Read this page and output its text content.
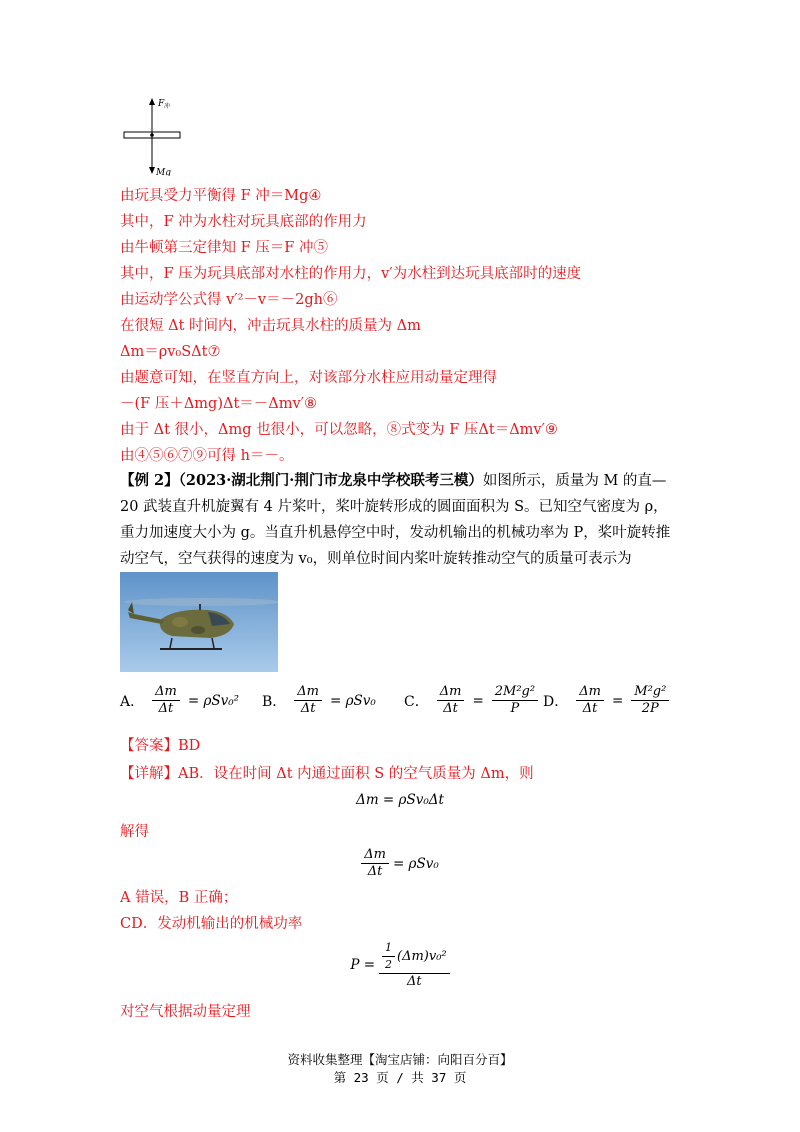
F 冲
Mg
由玩具受力平衡得 F 冲＝Mg④
其中，F 冲为水柱对玩具底部的作用力
由牛顿第三定律知 F 压＝F 冲⑤
其中，F 压为玩具底部对水柱的作用力，v′为水柱到达玩具底部时的速度
由运动学公式得 v′²－v＝－2gh⑥
在很短 Δt 时间内，冲击玩具水柱的质量为 Δm
Δm＝ρv₀SΔt⑦
由题意可知，在竖直方向上，对该部分水柱应用动量定理得
－(F 压＋Δmg)Δt＝－Δmv′⑧
由于 Δt 很小，Δmg 也很小，可以忽略，⑧式变为 F 压Δt＝Δmv′⑨
由④⑤⑥⑦⑨可得 h＝－。
【例 2】（2023·湖北荆门·荆门市龙泉中学校联考三模）如图所示，质量为 M 的直—20 武装直升机旋翼有 4 片桨叶，桨叶旋转形成的圆面面积为 S。已知空气密度为 ρ，重力加速度大小为 g。当直升机悬停空中时，发动机输出的机械功率为 P，桨叶旋转推动空气，空气获得的速度为 v₀，则单位时间内桨叶旋转推动空气的质量可表示为　　
A． $\frac{\Delta m}{\Delta t} = \rho Sv_0^2$ B． $\frac{\Delta m}{\Delta t} = \rho Sv_0$ C． $\frac{\Delta m}{\Delta t} = \frac{\text{2M²g²}}{P}$ D． $\frac{\Delta m}{\Delta t} = \frac{\text{M²g²}}{2P}$
【答案】BD
【详解】AB．设在时间 Δt 内通过面积 S 的空气质量为 Δm，则
Δm = ρSv₀Δt
解得
$\frac{\Delta m}{\Delta t} = \rho Sv_0$
A 错误，B 正确；
CD．发动机输出的机械功率
$P = \frac{\frac{1}{2} (\Delta m)v_0^2}{\Delta t}$
对空气根据动量定理
资料收集整理【淘宝店铺：向阳百分百】
第 23 页 / 共 37 页
